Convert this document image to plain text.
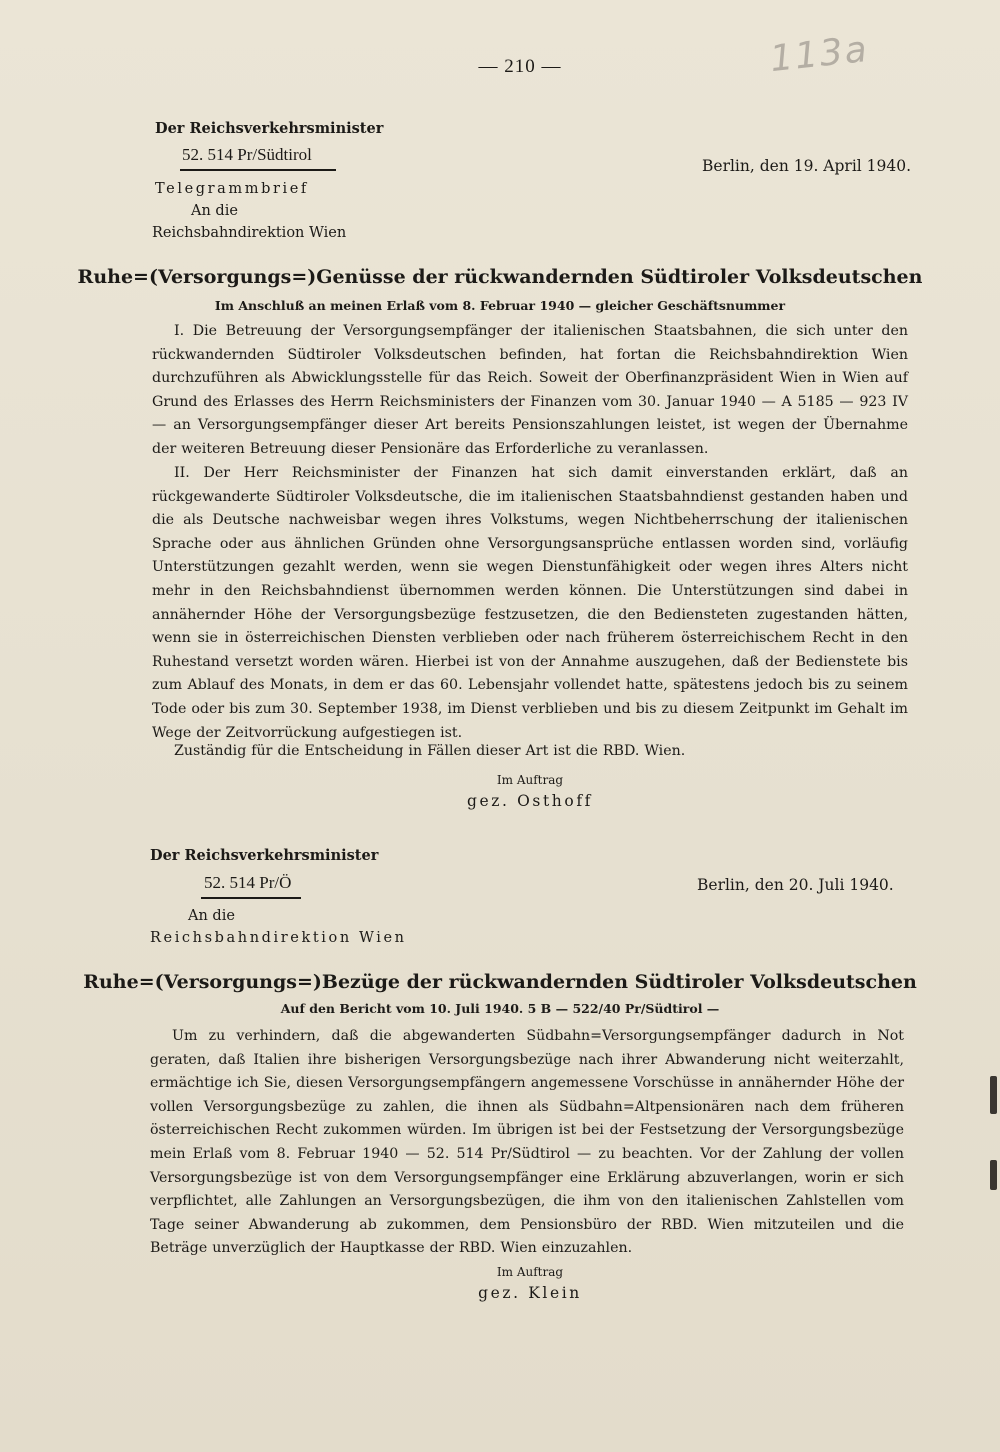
— 210 —	113a
Der Reichsverkehrsminister
52. 514 Pr/Südtirol
Berlin, den 19. April 1940.
Telegrammbrief
An die
Reichsbahndirektion Wien
Ruhe=(Versorgungs=)Genüsse der rückwandernden Südtiroler Volksdeutschen
Im Anschluß an meinen Erlaß vom 8. Februar 1940 — gleicher Geschäftsnummer
I. Die Betreuung der Versorgungsempfänger der italienischen Staatsbahnen, die sich unter den rückwandernden Südtiroler Volksdeutschen befinden, hat fortan die Reichsbahndirektion Wien durchzuführen als Abwicklungsstelle für das Reich. Soweit der Oberfinanzpräsident Wien in Wien auf Grund des Erlasses des Herrn Reichsministers der Finanzen vom 30. Januar 1940 — A 5185 — 923 IV — an Versorgungsempfänger dieser Art bereits Pensionszahlungen leistet, ist wegen der Übernahme der weiteren Betreuung dieser Pensionäre das Erforderliche zu veranlassen.
II. Der Herr Reichsminister der Finanzen hat sich damit einverstanden erklärt, daß an rückgewanderte Südtiroler Volksdeutsche, die im italienischen Staatsbahndienst gestanden haben und die als Deutsche nachweisbar wegen ihres Volkstums, wegen Nichtbeherrschung der italienischen Sprache oder aus ähnlichen Gründen ohne Versorgungsansprüche entlassen worden sind, vorläufig Unterstützungen gezahlt werden, wenn sie wegen Dienstunfähigkeit oder wegen ihres Alters nicht mehr in den Reichsbahndienst übernommen werden können. Die Unterstützungen sind dabei in annähernder Höhe der Versorgungsbezüge festzusetzen, die den Bediensteten zugestanden hätten, wenn sie in österreichischen Diensten verblieben oder nach früherem österreichischem Recht in den Ruhestand versetzt worden wären. Hierbei ist von der Annahme auszugehen, daß der Bedienstete bis zum Ablauf des Monats, in dem er das 60. Lebensjahr vollendet hatte, spätestens jedoch bis zu seinem Tode oder bis zum 30. September 1938, im Dienst verblieben und bis zu diesem Zeitpunkt im Gehalt im Wege der Zeitvorrückung aufgestiegen ist.
Zuständig für die Entscheidung in Fällen dieser Art ist die RBD. Wien.
Im Auftrag
gez. Osthoff
Der Reichsverkehrsminister
52. 514 Pr/Ö	Berlin, den 20. Juli 1940.
An die
Reichsbahndirektion Wien
Ruhe=(Versorgungs=)Bezüge der rückwandernden Südtiroler Volksdeutschen
Auf den Bericht vom 10. Juli 1940. 5 B — 522/40 Pr/Südtirol —
Um zu verhindern, daß die abgewanderten Südbahn=Versorgungsempfänger dadurch in Not geraten, daß Italien ihre bisherigen Versorgungsbezüge nach ihrer Abwanderung nicht weiterzahlt, ermächtige ich Sie, diesen Versorgungsempfängern angemessene Vorschüsse in annähernder Höhe der vollen Versorgungsbezüge zu zahlen, die ihnen als Südbahn=Altpensionären nach dem früheren österreichischen Recht zukommen würden. Im übrigen ist bei der Festsetzung der Versorgungsbezüge mein Erlaß vom 8. Februar 1940 — 52. 514 Pr/Südtirol — zu beachten. Vor der Zahlung der vollen Versorgungsbezüge ist von dem Versorgungsempfänger eine Erklärung abzuverlangen, worin er sich verpflichtet, alle Zahlungen an Versorgungsbezügen, die ihm von den italienischen Zahlstellen vom Tage seiner Abwanderung ab zukommen, dem Pensionsbüro der RBD. Wien mitzuteilen und die Beträge unverzüglich der Hauptkasse der RBD. Wien einzuzahlen.
Im Auftrag
gez. Klein
